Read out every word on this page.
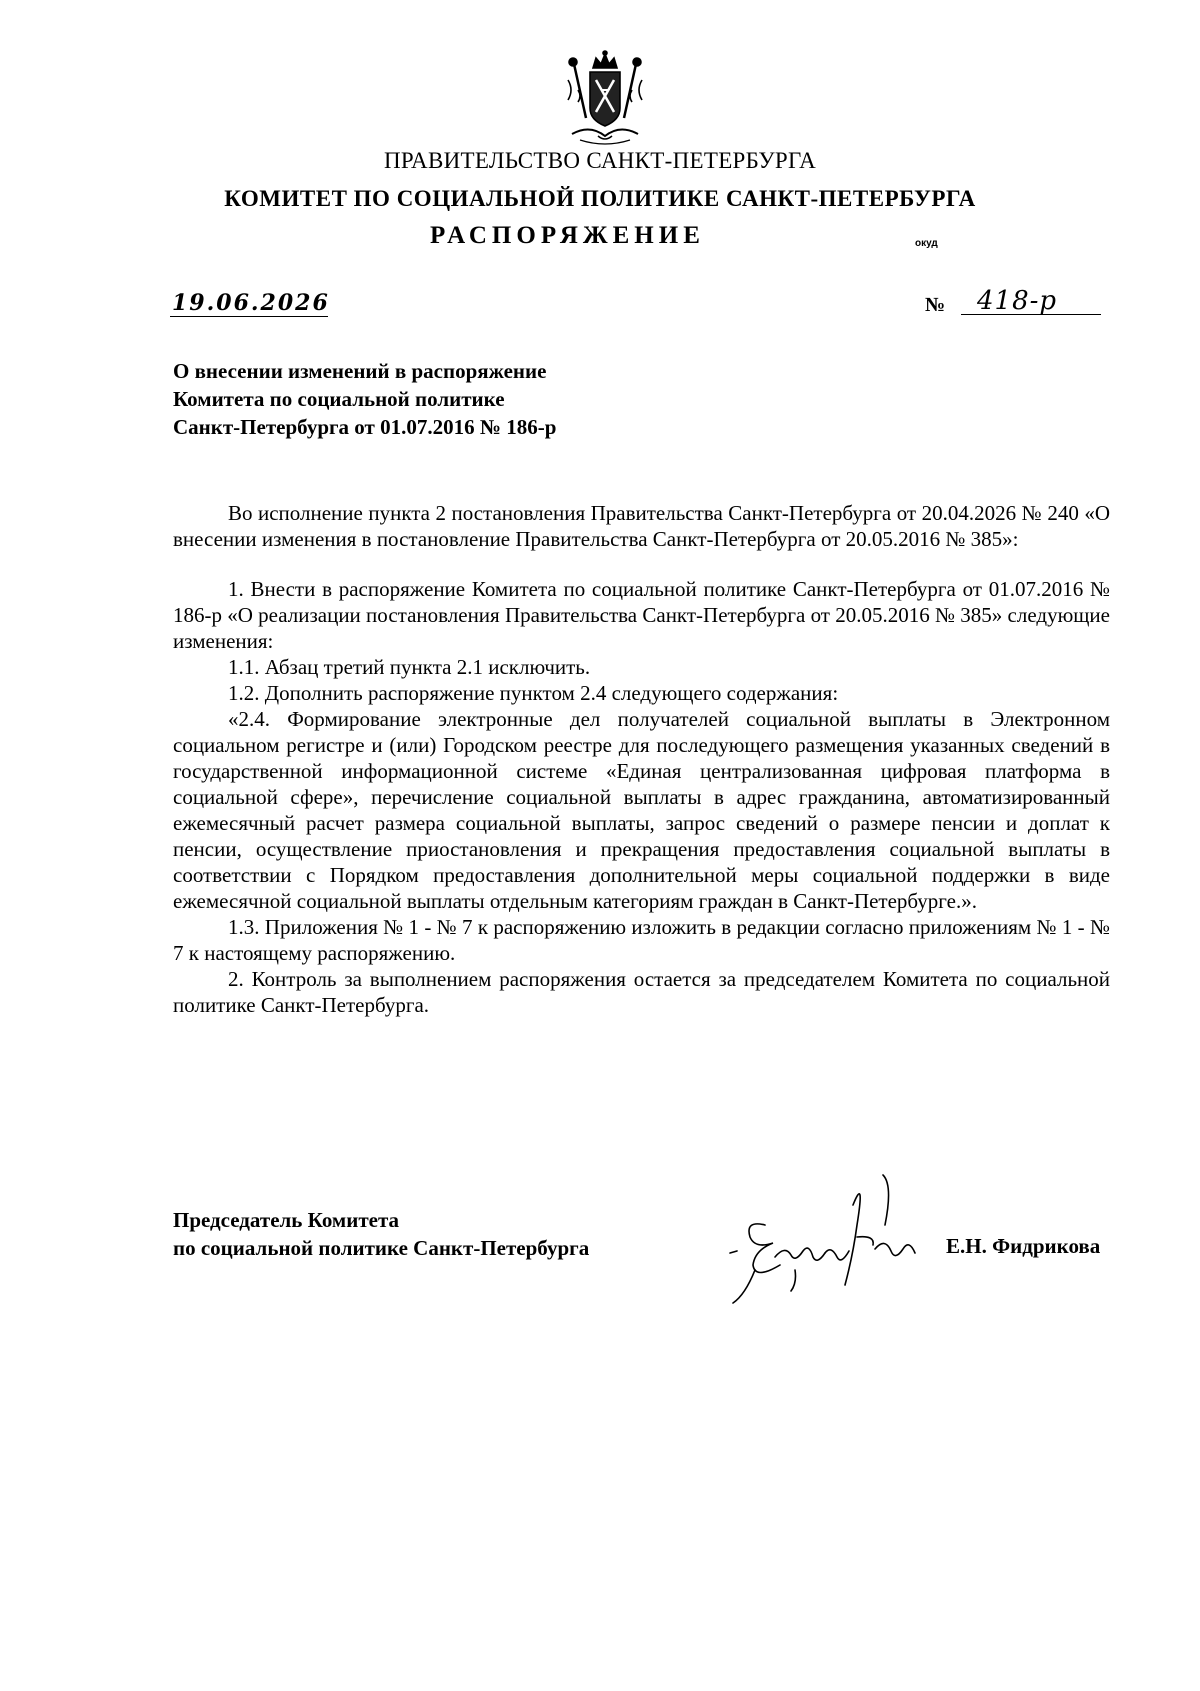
ПРАВИТЕЛЬСТВО САНКТ-ПЕТЕРБУРГА
КОМИТЕТ ПО СОЦИАЛЬНОЙ ПОЛИТИКЕ САНКТ-ПЕТЕРБУРГА
РАСПОРЯЖЕНИЕ	окуд
19.06.2026	№ 418-р
О внесении изменений в распоряжение
Комитета по социальной политике
Санкт-Петербурга от 01.07.2016 № 186-р

Во исполнение пункта 2 постановления Правительства Санкт-Петербурга от 20.04.2026 № 240 «О внесении изменения в постановление Правительства Санкт-Петербурга от 20.05.2016 № 385»:

1. Внести в распоряжение Комитета по социальной политике Санкт-Петербурга от 01.07.2016 № 186-р «О реализации постановления Правительства Санкт-Петербурга от 20.05.2016 № 385» следующие изменения:

1.1. Абзац третий пункта 2.1 исключить.

1.2. Дополнить распоряжение пунктом 2.4 следующего содержания:

«2.4. Формирование электронные дел получателей социальной выплаты в Электронном социальном регистре и (или) Городском реестре для последующего размещения указанных сведений в государственной информационной системе «Единая централизованная цифровая платформа в социальной сфере», перечисление социальной выплаты в адрес гражданина, автоматизированный ежемесячный расчет размера социальной выплаты, запрос сведений о размере пенсии и доплат к пенсии, осуществление приостановления и прекращения предоставления социальной выплаты в соответствии с Порядком предоставления дополнительной меры социальной поддержки в виде ежемесячной социальной выплаты отдельным категориям граждан в Санкт-Петербурге.».

1.3. Приложения № 1 - № 7 к распоряжению изложить в редакции согласно приложениям № 1 - № 7 к настоящему распоряжению.

2. Контроль за выполнением распоряжения остается за председателем Комитета по социальной политике Санкт-Петербурга.

Председатель Комитета
по социальной политике Санкт-Петербурга	Е.Н. Фидрикова
